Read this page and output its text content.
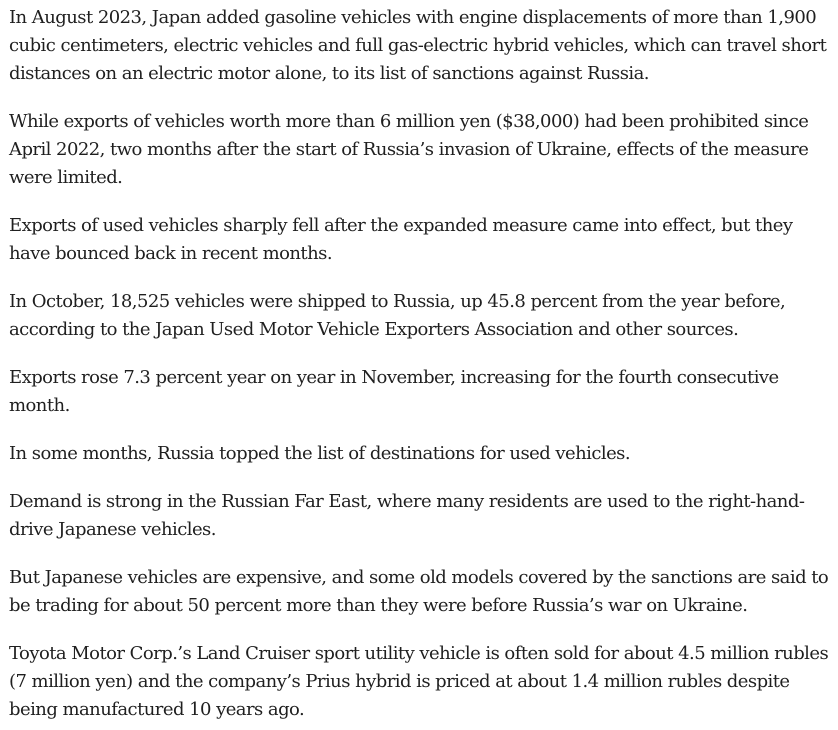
In August 2023, Japan added gasoline vehicles with engine displacements of more than 1,900 cubic centimeters, electric vehicles and full gas-electric hybrid vehicles, which can travel short distances on an electric motor alone, to its list of sanctions against Russia.

While exports of vehicles worth more than 6 million yen ($38,000) had been prohibited since April 2022, two months after the start of Russia’s invasion of Ukraine, effects of the measure were limited.

Exports of used vehicles sharply fell after the expanded measure came into effect, but they have bounced back in recent months.

In October, 18,525 vehicles were shipped to Russia, up 45.8 percent from the year before, according to the Japan Used Motor Vehicle Exporters Association and other sources.

Exports rose 7.3 percent year on year in November, increasing for the fourth consecutive month.

In some months, Russia topped the list of destinations for used vehicles.

Demand is strong in the Russian Far East, where many residents are used to the right-hand-drive Japanese vehicles.

But Japanese vehicles are expensive, and some old models covered by the sanctions are said to be trading for about 50 percent more than they were before Russia’s war on Ukraine.

Toyota Motor Corp.’s Land Cruiser sport utility vehicle is often sold for about 4.5 million rubles (7 million yen) and the company’s Prius hybrid is priced at about 1.4 million rubles despite being manufactured 10 years ago.
